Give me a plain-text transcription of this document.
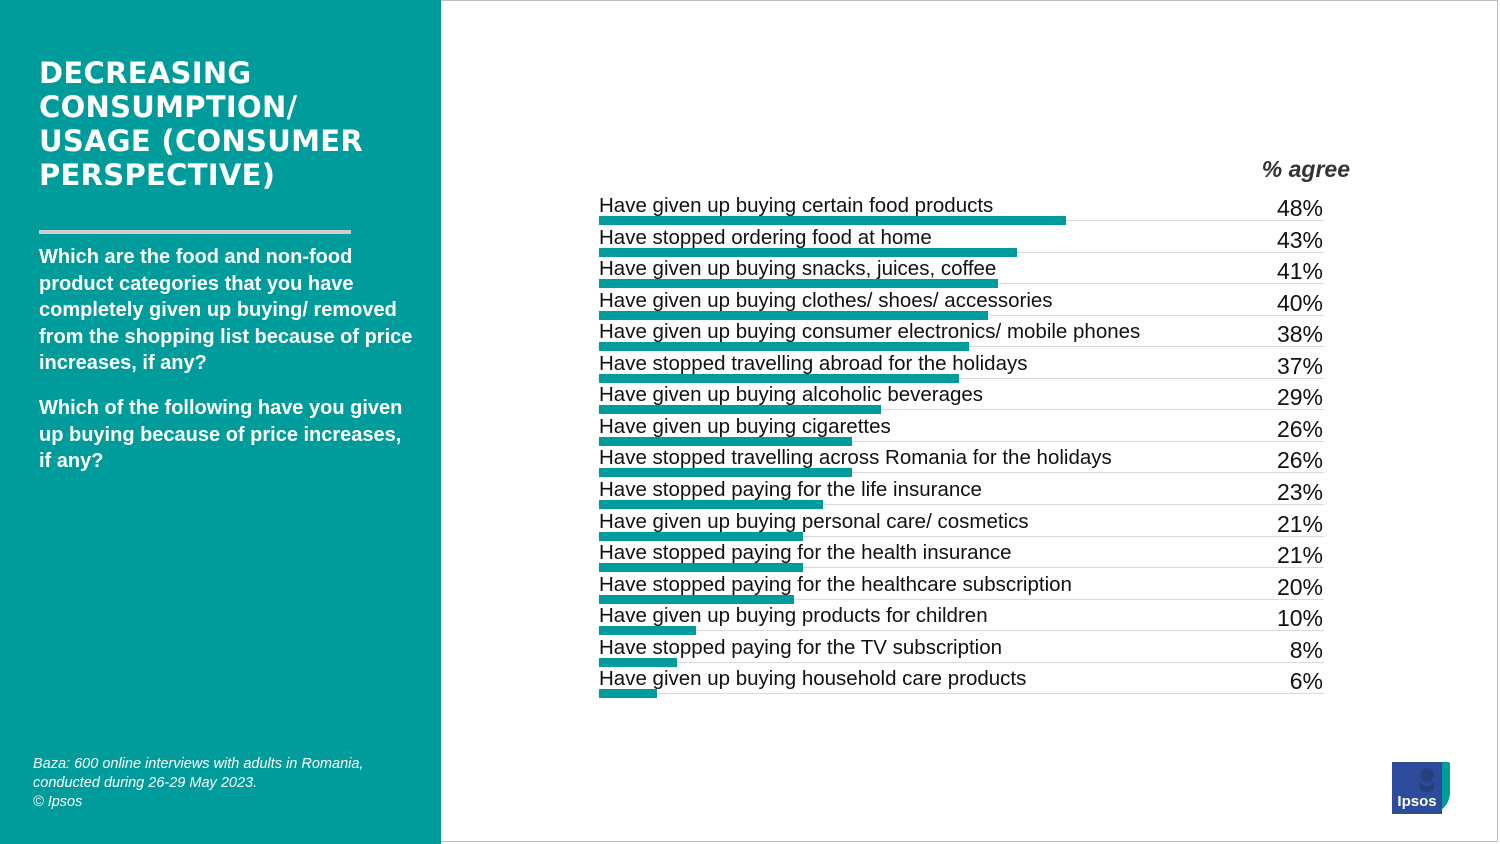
DECREASING CONSUMPTION/ USAGE (CONSUMER PERSPECTIVE)

Which are the food and non-food product categories that you have completely given up buying/ removed from the shopping list because of price increases, if any?

Which of the following have you given up buying because of price increases, if any?

Baza: 600 online interviews with adults in Romania,
conducted during 26-29 May 2023.
© Ipsos
% agree
Have given up buying certain food products	48%
Have stopped ordering food at home	43%
Have given up buying snacks, juices, coffee	41%
Have given up buying clothes/ shoes/ accessories	40%
Have given up buying consumer electronics/ mobile phones	38%
Have stopped travelling abroad for the holidays	37%
Have given up buying alcoholic beverages	29%
Have given up buying cigarettes	26%
Have stopped travelling across Romania for the holidays	26%
Have stopped paying for the life insurance	23%
Have given up buying personal care/ cosmetics	21%
Have stopped paying for the health insurance	21%
Have stopped paying for the healthcare subscription	20%
Have given up buying products for children	10%
Have stopped paying for the TV subscription	8%
Have given up buying household care products	6%
Ipsos
